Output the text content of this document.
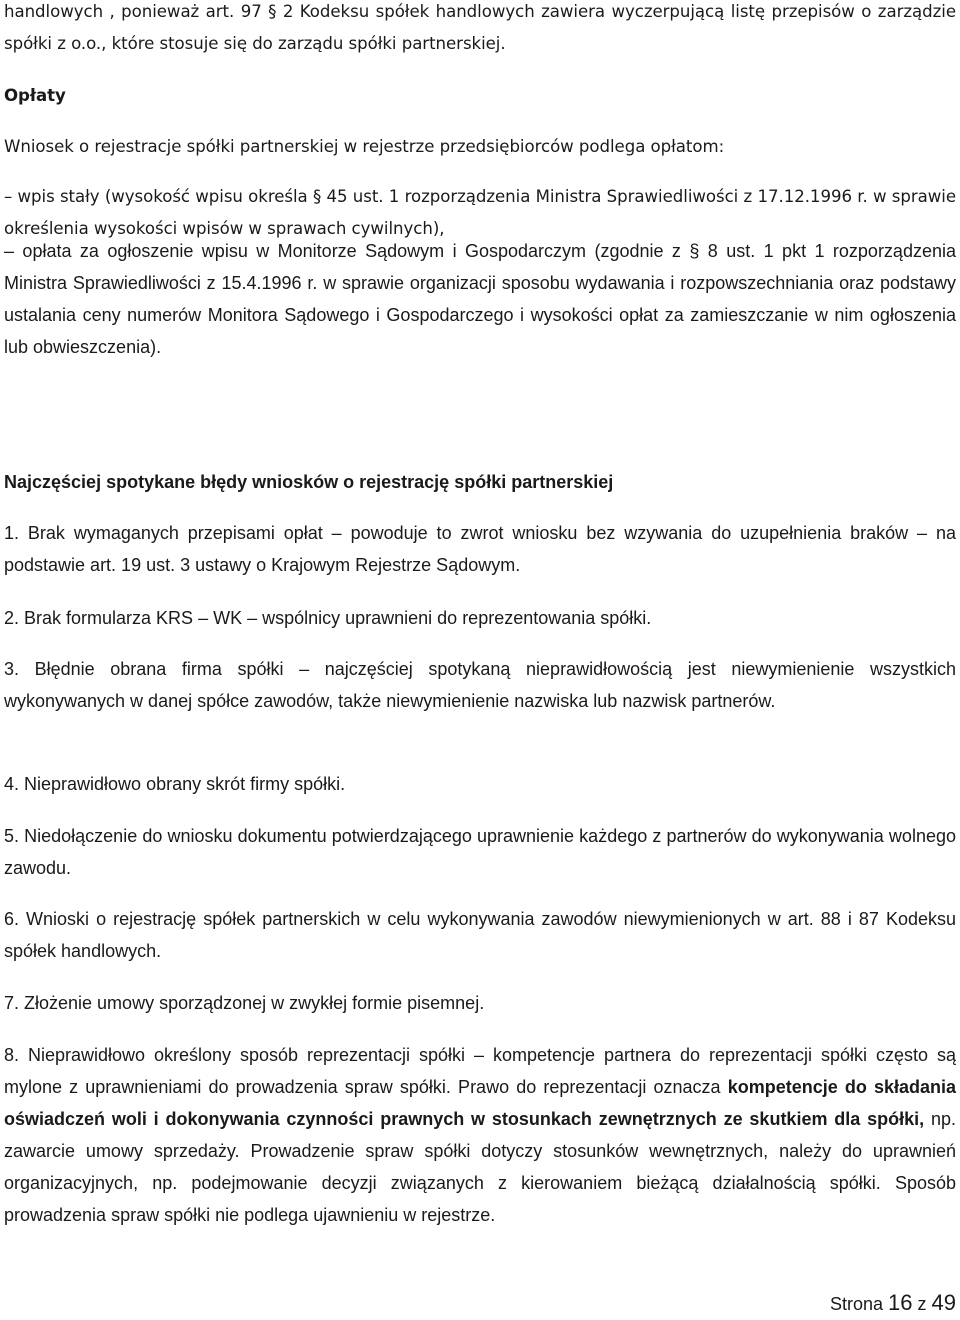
handlowych , ponieważ art. 97 § 2 Kodeksu spółek handlowych zawiera wyczerpującą listę przepisów o zarządzie spółki z o.o., które stosuje się do zarządu spółki partnerskiej.

Opłaty

Wniosek o rejestracje spółki partnerskiej w rejestrze przedsiębiorców podlega opłatom:

– wpis stały (wysokość wpisu określa § 45 ust. 1 rozporządzenia Ministra Sprawiedliwości z 17.12.1996 r. w sprawie określenia wysokości wpisów w sprawach cywilnych),

– opłata za ogłoszenie wpisu w Monitorze Sądowym i Gospodarczym (zgodnie z § 8 ust. 1 pkt 1 rozporządzenia Ministra Sprawiedliwości z 15.4.1996 r. w sprawie organizacji sposobu wydawania i rozpowszechniania oraz podstawy ustalania ceny numerów Monitora Sądowego i Gospodarczego i wysokości opłat za zamieszczanie w nim ogłoszenia lub obwieszczenia).

Najczęściej spotykane błędy wniosków o rejestrację spółki partnerskiej

1. Brak wymaganych przepisami opłat – powoduje to zwrot wniosku bez wzywania do uzupełnienia braków – na podstawie art. 19 ust. 3 ustawy o Krajowym Rejestrze Sądowym.

2. Brak formularza KRS – WK – wspólnicy uprawnieni do reprezentowania spółki.

3. Błędnie obrana firma spółki – najczęściej spotykaną nieprawidłowością jest niewymienienie wszystkich wykonywanych w danej spółce zawodów, także niewymienienie nazwiska lub nazwisk partnerów.

4. Nieprawidłowo obrany skrót firmy spółki.

5. Niedołączenie do wniosku dokumentu potwierdzającego uprawnienie każdego z partnerów do wykonywania wolnego zawodu.

6. Wnioski o rejestrację spółek partnerskich w celu wykonywania zawodów niewymienionych w art. 88 i 87 Kodeksu spółek handlowych.

7. Złożenie umowy sporządzonej w zwykłej formie pisemnej.

8. Nieprawidłowo określony sposób reprezentacji spółki – kompetencje partnera do reprezentacji spółki często są mylone z uprawnieniami do prowadzenia spraw spółki. Prawo do reprezentacji oznacza kompetencje do składania oświadczeń woli i dokonywania czynności prawnych w stosunkach zewnętrznych ze skutkiem dla spółki, np. zawarcie umowy sprzedaży. Prowadzenie spraw spółki dotyczy stosunków wewnętrznych, należy do uprawnień organizacyjnych, np. podejmowanie decyzji związanych z kierowaniem bieżącą działalnością spółki. Sposób prowadzenia spraw spółki nie podlega ujawnieniu w rejestrze.

Strona 16 z 49
